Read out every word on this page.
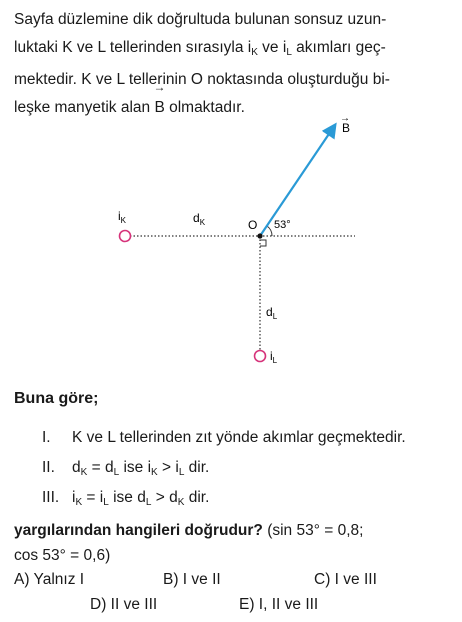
Sayfa düzlemine dik doğrultuda bulunan sonsuz uzun-
luktaki K ve L tellerinden sırasıyla $i_K$ ve $i_L$ akımları geç-
mektedir. K ve L tellerinin O noktasında oluşturduğu bi-
leşke manyetik alan → B olmaktadır.
B
→
$i_K$	$d_K$	O 53°
$d_L$
$i_L$
Buna göre;
I. K ve L tellerinden zıt yönde akımlar geçmektedir.
II. $d_K = d_L$ ise $i_K > i_L$ dir.
III. $i_K = i_L$ ise $d_L > d_K$ dir.
yargılarından hangileri doğrudur? (sin 53° = 0,8;
cos 53° = 0,6)
A) Yalnız I	B) I ve II	C) I ve III
D) II ve III	E) I, II ve III
